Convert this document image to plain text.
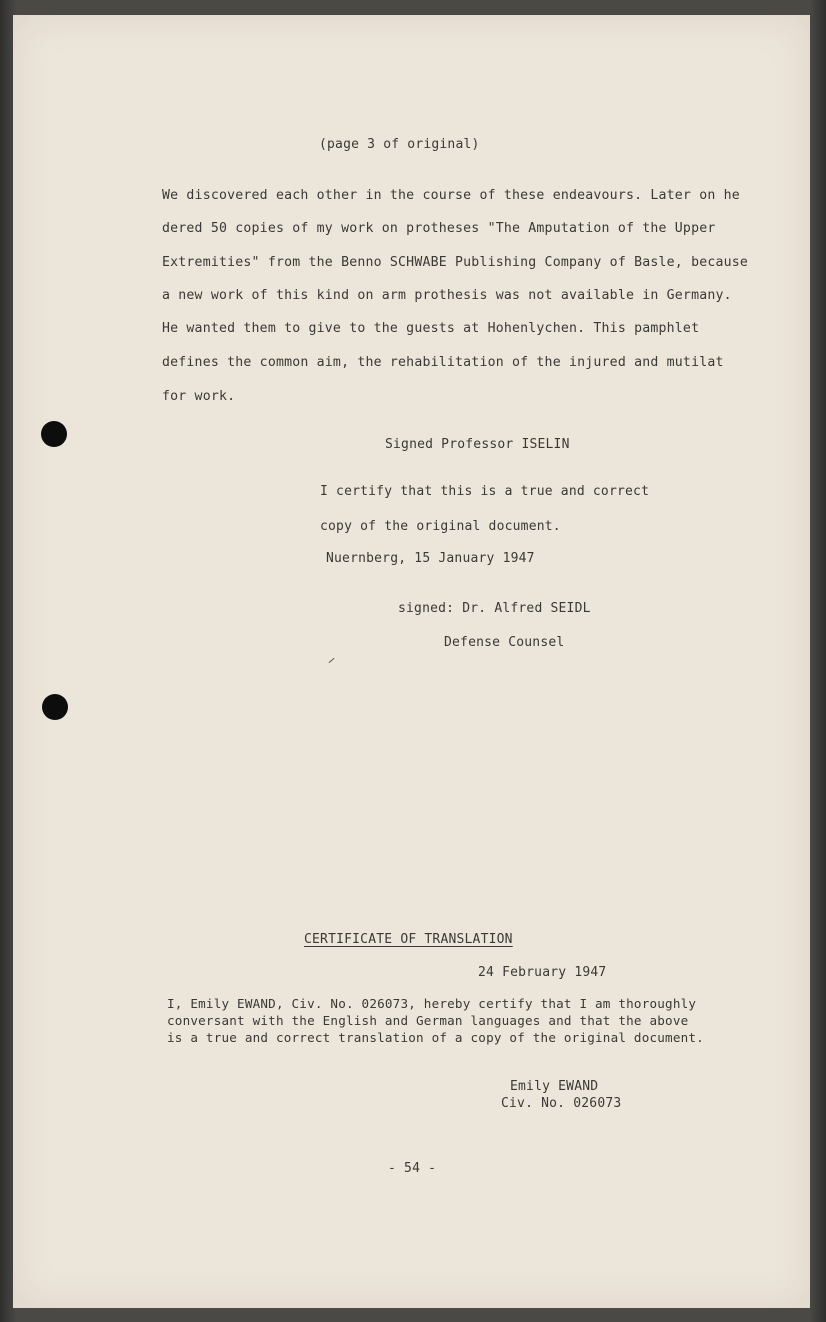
(page 3 of original)
We discovered each other in the course of these endeavours. Later on he
dered 50 copies of my work on protheses "The Amputation of the Upper
Extremities" from the Benno SCHWABE Publishing Company of Basle, because
a new work of this kind on arm prothesis was not available in Germany.
He wanted them to give to the guests at Hohenlychen. This pamphlet
defines the common aim, the rehabilitation of the injured and mutilat
for work.
Signed Professor ISELIN
I certify that this is a true and correct
copy of the original document.
Nuernberg, 15 January 1947
signed: Dr. Alfred SEIDL
Defense Counsel
CERTIFICATE OF TRANSLATION
24 February 1947
I, Emily EWAND, Civ. No. 026073, hereby certify that I am thoroughly
conversant with the English and German languages and that the above
is a true and correct translation of a copy of the original document.
Emily EWAND
Civ. No. 026073
- 54 -
